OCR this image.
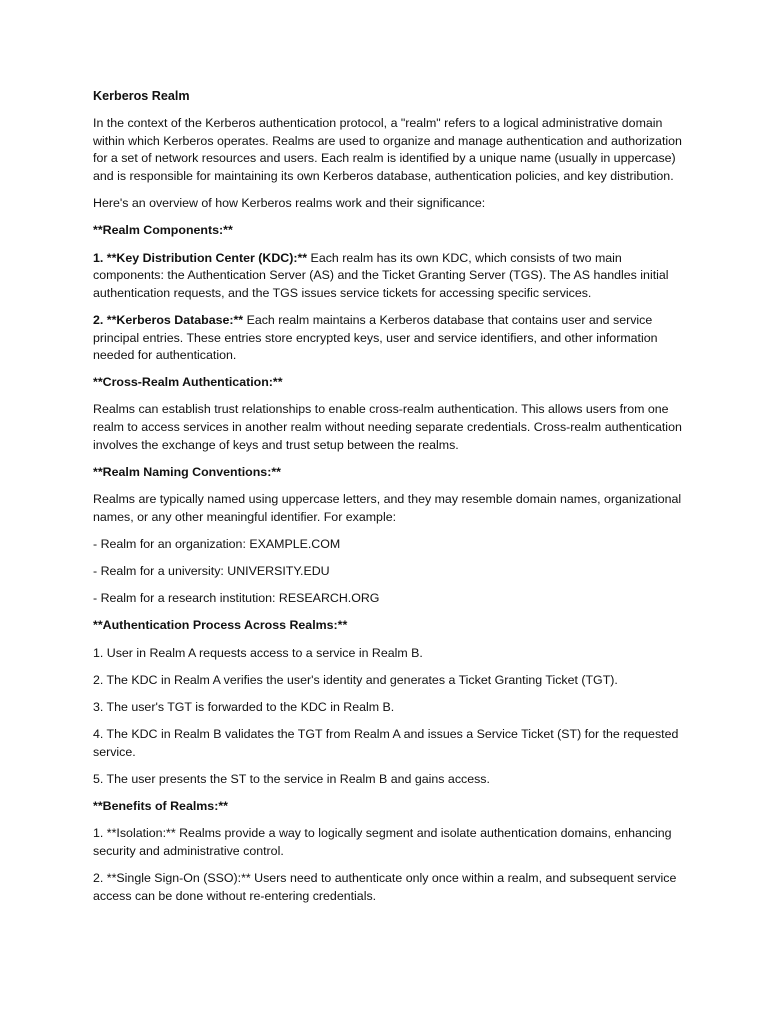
Kerberos Realm

In the context of the Kerberos authentication protocol, a "realm" refers to a logical administrative domain within which Kerberos operates. Realms are used to organize and manage authentication and authorization for a set of network resources and users. Each realm is identified by a unique name (usually in uppercase) and is responsible for maintaining its own Kerberos database, authentication policies, and key distribution.

Here's an overview of how Kerberos realms work and their significance:

**Realm Components:**

1. **Key Distribution Center (KDC):** Each realm has its own KDC, which consists of two main components: the Authentication Server (AS) and the Ticket Granting Server (TGS). The AS handles initial authentication requests, and the TGS issues service tickets for accessing specific services.

2. **Kerberos Database:** Each realm maintains a Kerberos database that contains user and service principal entries. These entries store encrypted keys, user and service identifiers, and other information needed for authentication.

**Cross-Realm Authentication:**

Realms can establish trust relationships to enable cross-realm authentication. This allows users from one realm to access services in another realm without needing separate credentials. Cross-realm authentication involves the exchange of keys and trust setup between the realms.

**Realm Naming Conventions:**

Realms are typically named using uppercase letters, and they may resemble domain names, organizational names, or any other meaningful identifier. For example:

- Realm for an organization: EXAMPLE.COM

- Realm for a university: UNIVERSITY.EDU

- Realm for a research institution: RESEARCH.ORG

**Authentication Process Across Realms:**

1. User in Realm A requests access to a service in Realm B.

2. The KDC in Realm A verifies the user's identity and generates a Ticket Granting Ticket (TGT).

3. The user's TGT is forwarded to the KDC in Realm B.

4. The KDC in Realm B validates the TGT from Realm A and issues a Service Ticket (ST) for the requested service.

5. The user presents the ST to the service in Realm B and gains access.

**Benefits of Realms:**

1. **Isolation:** Realms provide a way to logically segment and isolate authentication domains, enhancing security and administrative control.

2. **Single Sign-On (SSO):** Users need to authenticate only once within a realm, and subsequent service access can be done without re-entering credentials.
